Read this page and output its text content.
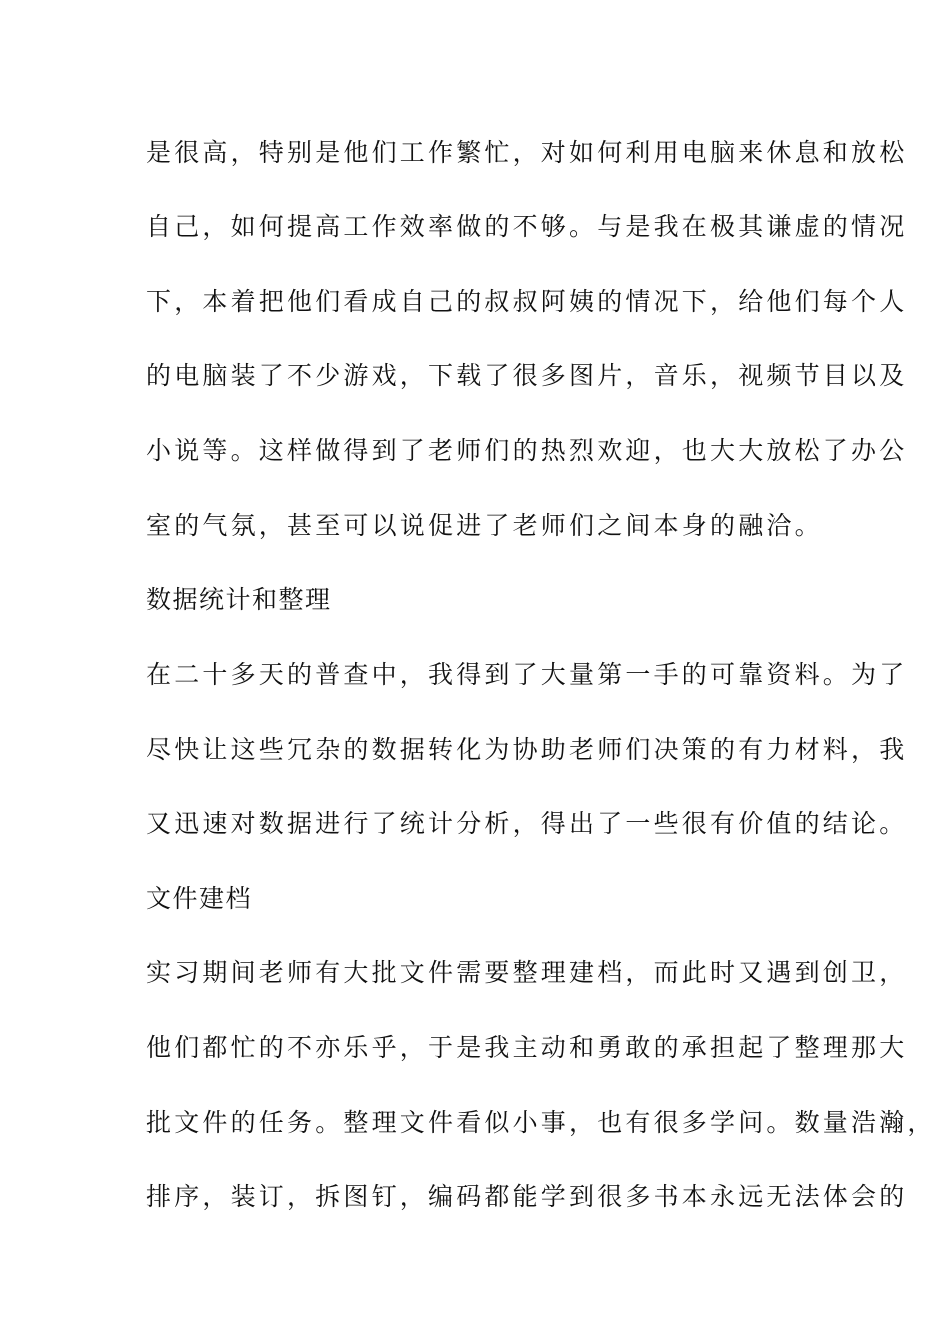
是很高，特别是他们工作繁忙，对如何利用电脑来休息和放松
自己，如何提高工作效率做的不够。与是我在极其谦虚的情况
下，本着把他们看成自己的叔叔阿姨的情况下，给他们每个人
的电脑装了不少游戏，下载了很多图片，音乐，视频节目以及
小说等。这样做得到了老师们的热烈欢迎，也大大放松了办公
室的气氛，甚至可以说促进了老师们之间本身的融洽。
数据统计和整理
在二十多天的普查中，我得到了大量第一手的可靠资料。为了
尽快让这些冗杂的数据转化为协助老师们决策的有力材料，我
又迅速对数据进行了统计分析，得出了一些很有价值的结论。
文件建档
实习期间老师有大批文件需要整理建档，而此时又遇到创卫，
他们都忙的不亦乐乎，于是我主动和勇敢的承担起了整理那大
批文件的任务。整理文件看似小事，也有很多学问。数量浩瀚，
排序，装订，拆图钉，编码都能学到很多书本永远无法体会的
